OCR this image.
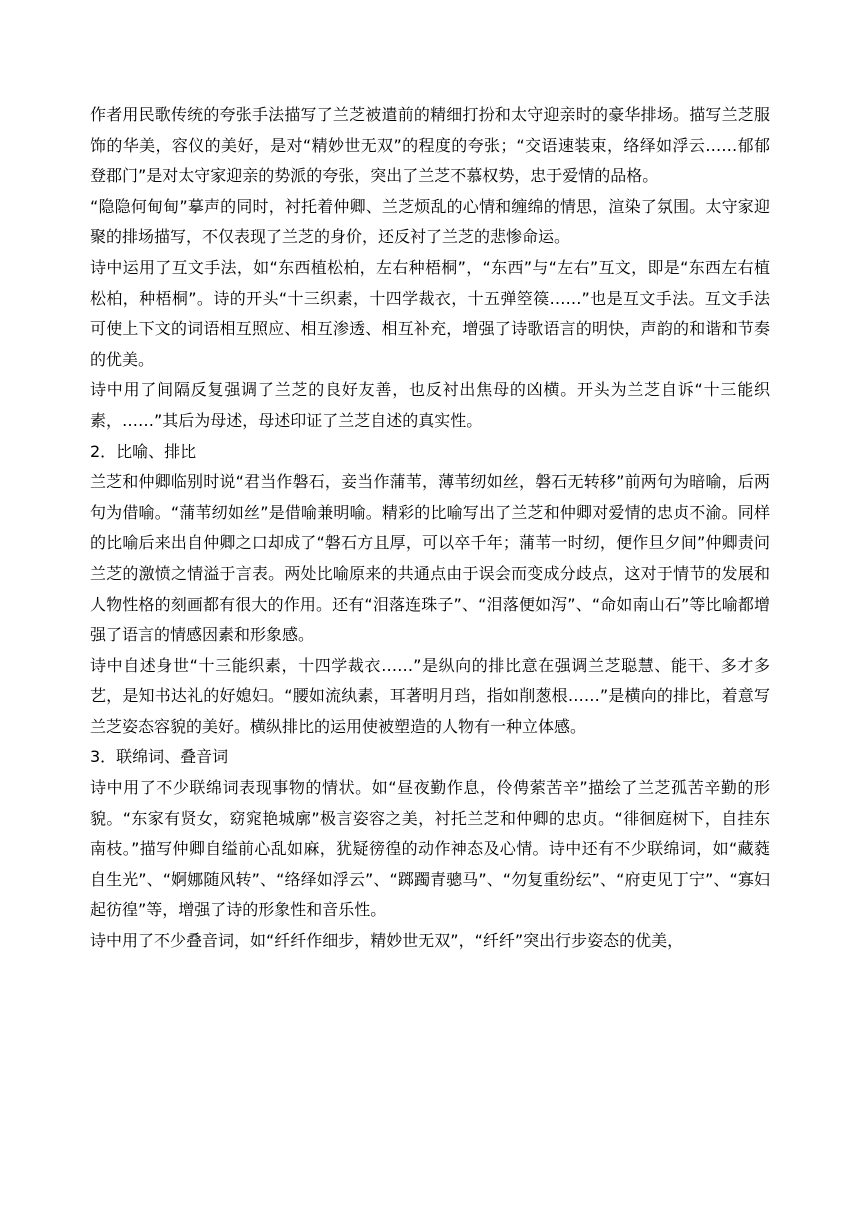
作者用民歌传统的夸张手法描写了兰芝被遣前的精细打扮和太守迎亲时的豪华排场。描写兰芝服饰的华美，容仪的美好，是对“精妙世无双”的程度的夸张；“交语速装束，络绎如浮云……郁郁登郡门”是对太守家迎亲的势派的夸张，突出了兰芝不慕权势，忠于爱情的品格。

“隐隐何甸甸”摹声的同时，衬托着仲卿、兰芝烦乱的心情和缠绵的情思，渲染了氛围。太守家迎聚的排场描写，不仅表现了兰芝的身价，还反衬了兰芝的悲惨命运。

诗中运用了互文手法，如“东西植松柏，左右种梧桐”，“东西”与“左右”互文，即是“东西左右植松柏，种梧桐”。诗的开头“十三织素，十四学裁衣，十五弹箜篌……”也是互文手法。互文手法可使上下文的词语相互照应、相互渗透、相互补充，增强了诗歌语言的明快，声韵的和谐和节奏的优美。

诗中用了间隔反复强调了兰芝的良好友善，也反衬出焦母的凶横。开头为兰芝自诉“十三能织素，……”其后为母述，母述印证了兰芝自述的真实性。

2．比喻、排比

兰芝和仲卿临别时说“君当作磐石，妾当作蒲苇，薄苇纫如丝，磐石无转移”前两句为暗喻，后两句为借喻。“蒲苇纫如丝”是借喻兼明喻。精彩的比喻写出了兰芝和仲卿对爱情的忠贞不渝。同样的比喻后来出自仲卿之口却成了“磐石方且厚，可以卒千年；蒲苇一时纫，便作旦夕间”仲卿责问兰芝的激愤之情溢于言表。两处比喻原来的共通点由于误会而变成分歧点，这对于情节的发展和人物性格的刻画都有很大的作用。还有“泪落连珠子”、“泪落便如泻”、“命如南山石”等比喻都增强了语言的情感因素和形象感。

诗中自述身世“十三能织素，十四学裁衣……”是纵向的排比意在强调兰芝聪慧、能干、多才多艺，是知书达礼的好媳妇。“腰如流纨素，耳著明月珰，指如削葱根……”是横向的排比，着意写兰芝姿态容貌的美好。横纵排比的运用使被塑造的人物有一种立体感。

3．联绵词、叠音词

诗中用了不少联绵词表现事物的情状。如“昼夜勤作息，伶俜萦苦辛”描绘了兰芝孤苦辛勤的形貌。“东家有贤女，窈窕艳城廓”极言姿容之美，衬托兰芝和仲卿的忠贞。“徘徊庭树下，自挂东南枝。”描写仲卿自缢前心乱如麻，犹疑徬徨的动作神态及心情。诗中还有不少联绵词，如“藏蕤自生光”、“婀娜随风转”、“络绎如浮云”、“踯躅青骢马”、“勿复重纷纭”、“府吏见丁宁”、“寡妇起彷徨”等，增强了诗的形象性和音乐性。

诗中用了不少叠音词，如“纤纤作细步，精妙世无双”，“纤纤”突出行步姿态的优美，
